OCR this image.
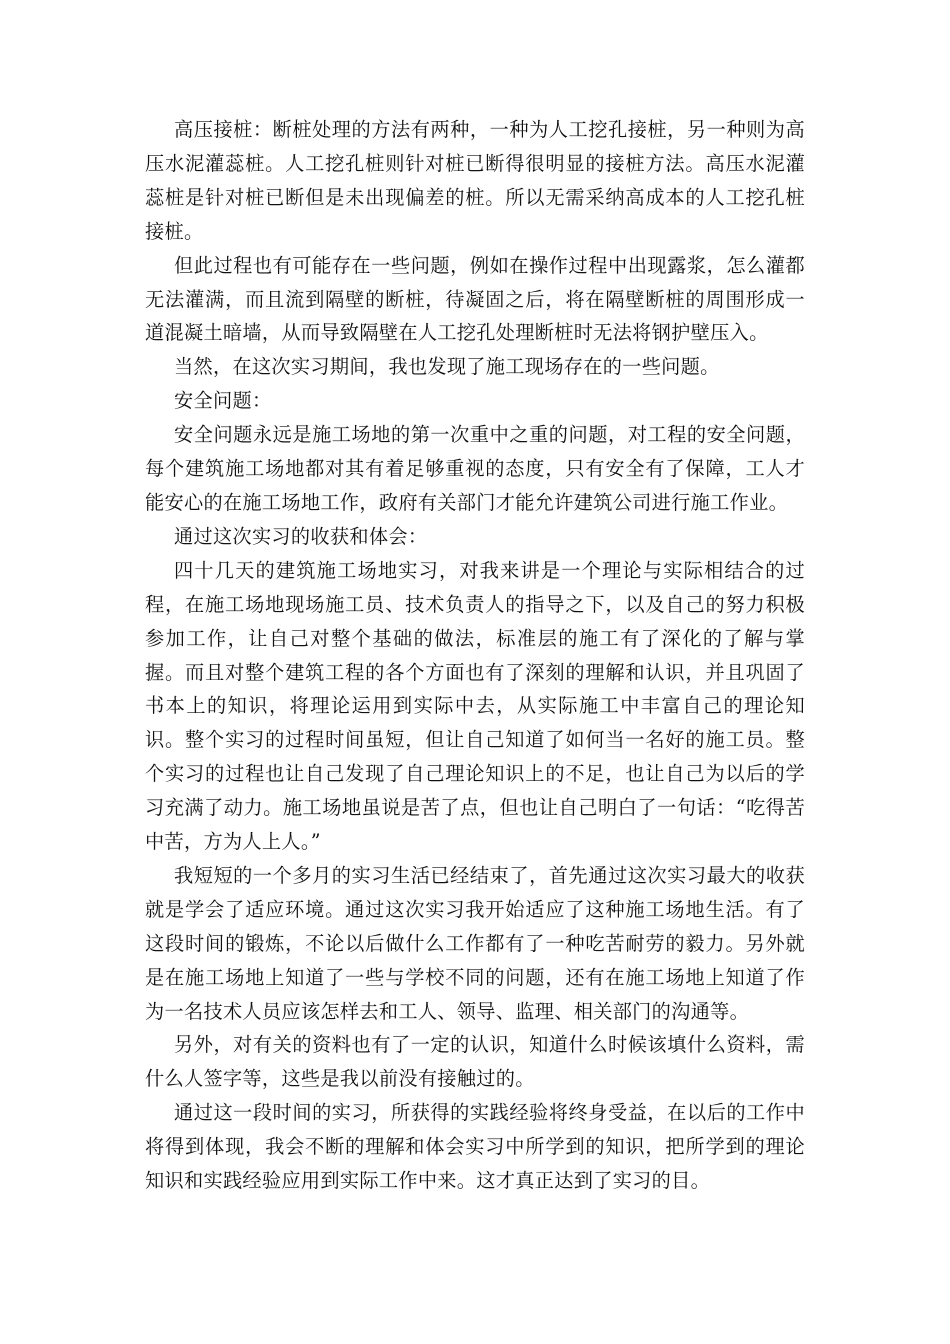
高压接桩：断桩处理的方法有两种，一种为人工挖孔接桩，另一种则为高压水泥灌蕊桩。人工挖孔桩则针对桩已断得很明显的接桩方法。高压水泥灌蕊桩是针对桩已断但是未出现偏差的桩。所以无需采纳高成本的人工挖孔桩接桩。

但此过程也有可能存在一些问题，例如在操作过程中出现露浆，怎么灌都无法灌满，而且流到隔壁的断桩，待凝固之后，将在隔壁断桩的周围形成一道混凝土暗墙，从而导致隔壁在人工挖孔处理断桩时无法将钢护壁压入。

当然，在这次实习期间，我也发现了施工现场存在的一些问题。

安全问题：

安全问题永远是施工场地的第一次重中之重的问题，对工程的安全问题，每个建筑施工场地都对其有着足够重视的态度，只有安全有了保障，工人才能安心的在施工场地工作，政府有关部门才能允许建筑公司进行施工作业。

通过这次实习的收获和体会：

四十几天的建筑施工场地实习，对我来讲是一个理论与实际相结合的过程，在施工场地现场施工员、技术负责人的指导之下，以及自己的努力积极参加工作，让自己对整个基础的做法，标准层的施工有了深化的了解与掌握。而且对整个建筑工程的各个方面也有了深刻的理解和认识，并且巩固了书本上的知识，将理论运用到实际中去，从实际施工中丰富自己的理论知识。整个实习的过程时间虽短，但让自己知道了如何当一名好的施工员。整个实习的过程也让自己发现了自己理论知识上的不足，也让自己为以后的学习充满了动力。施工场地虽说是苦了点，但也让自己明白了一句话：“吃得苦中苦，方为人上人。”

我短短的一个多月的实习生活已经结束了，首先通过这次实习最大的收获就是学会了适应环境。通过这次实习我开始适应了这种施工场地生活。有了这段时间的锻炼，不论以后做什么工作都有了一种吃苦耐劳的毅力。另外就是在施工场地上知道了一些与学校不同的问题，还有在施工场地上知道了作为一名技术人员应该怎样去和工人、领导、监理、相关部门的沟通等。

另外，对有关的资料也有了一定的认识，知道什么时候该填什么资料，需什么人签字等，这些是我以前没有接触过的。

通过这一段时间的实习，所获得的实践经验将终身受益，在以后的工作中将得到体现，我会不断的理解和体会实习中所学到的知识，把所学到的理论知识和实践经验应用到实际工作中来。这才真正达到了实习的目。
